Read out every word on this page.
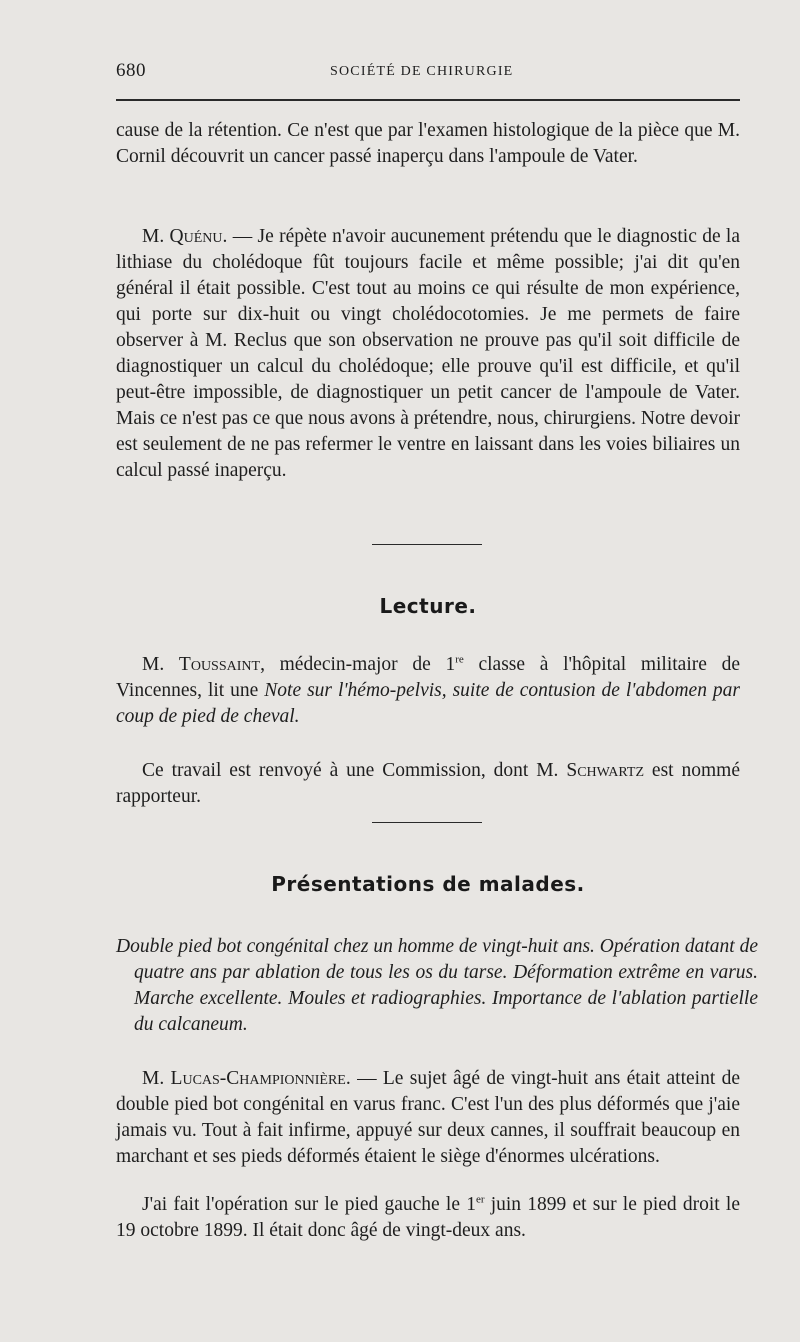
680	SOCIÉTÉ DE CHIRURGIE

cause de la rétention. Ce n'est que par l'examen histologique de la pièce que M. Cornil découvrit un cancer passé inaperçu dans l'ampoule de Vater.

M. Quénu. — Je répète n'avoir aucunement prétendu que le diagnostic de la lithiase du cholédoque fût toujours facile et même possible; j'ai dit qu'en général il était possible. C'est tout au moins ce qui résulte de mon expérience, qui porte sur dix-huit ou vingt cholédocotomies. Je me permets de faire observer à M. Reclus que son observation ne prouve pas qu'il soit difficile de diagnostiquer un calcul du cholédoque; elle prouve qu'il est difficile, et qu'il peut-être impossible, de diagnostiquer un petit cancer de l'ampoule de Vater. Mais ce n'est pas ce que nous avons à prétendre, nous, chirurgiens. Notre devoir est seulement de ne pas refermer le ventre en laissant dans les voies biliaires un calcul passé inaperçu.

Lecture.

M. Toussaint, médecin-major de 1re classe à l'hôpital militaire de Vincennes, lit une Note sur l'hémo-pelvis, suite de contusion de l'abdomen par coup de pied de cheval.

Ce travail est renvoyé à une Commission, dont M. Schwartz est nommé rapporteur.

Présentations de malades.

Double pied bot congénital chez un homme de vingt-huit ans. Opération datant de quatre ans par ablation de tous les os du tarse. Déformation extrême en varus. Marche excellente. Moules et radiographies. Importance de l'ablation partielle du calcaneum.

M. Lucas-Championnière. — Le sujet âgé de vingt-huit ans était atteint de double pied bot congénital en varus franc. C'est l'un des plus déformés que j'aie jamais vu. Tout à fait infirme, appuyé sur deux cannes, il souffrait beaucoup en marchant et ses pieds déformés étaient le siège d'énormes ulcérations.

J'ai fait l'opération sur le pied gauche le 1er juin 1899 et sur le pied droit le 19 octobre 1899. Il était donc âgé de vingt-deux ans.
